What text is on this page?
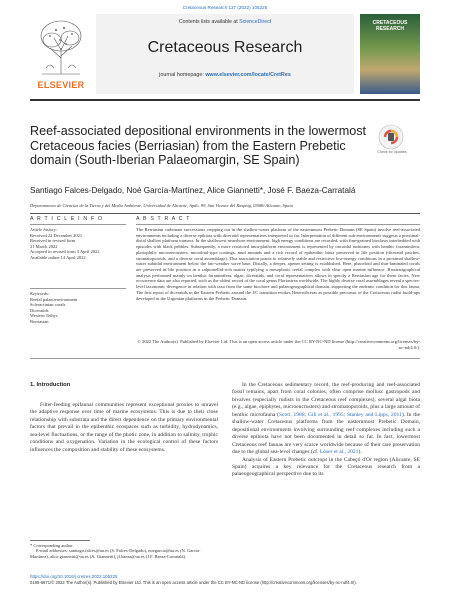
Cretaceous Research 137 (2022) 105225
ELSEVIER
Contents lists available at ScienceDirect
Cretaceous Research
journal homepage: www.elsevier.com/locate/CretRes
CRETACEOUS RESEARCH
Reef-associated depositional environments in the lowermost Cretaceous facies (Berriasian) from the Eastern Prebetic domain (South-Iberian Palaeomargin, SE Spain)
Check for updates
Santiago Falces-Delgado, Noé García-Martínez, Alice Giannetti*, José F. Baeza-Carratalá
Departamento de Ciencias de la Tierra y del Medio Ambiente, Universidad de Alicante, Apdo. 99, San Vicente del Raspeig, 03080 Alicante, Spain
A R T I C L E I N F O	A B S T R A C T
Article history:
Received 22 December 2021
Received in revised form
21 March 2022
Accepted in revised form 3 April 2022
Available online 14 April 2022
Keywords:
Reefal palaeoenvironment
Scleractinian corals
Diceratids
Western Tethys
Berriasian
The Berriasian carbonate successions cropping out in the shallow-water platform of the easternmost Prebetic Domain (SE Spain) involve reef-associated environments including a diverse epibiota with diceratid representatives interpreted so far. Interpretation of different sub-environments suggests a proximal-distal shallow platform transect. In the shallowest nearshore environment, high energy conditions are recorded, with fine-grained bioclasts interbedded with episodes with black pebbles. Subsequently, a more restricted intra-platform environment is represented by oncoidal rudstones with benthic foraminifera, photophilic microencrusters, microbial-type coatings, mud mounds and a rich record of epibenthic biota preserved in life position (diceratid patches, stromatoporoids, and a diverse coral assemblage). This association points to relatively stable and restrictive low-energy conditions in a proximal shallow-water subtidal environment below the fair-weather wave base. Distally, a deeper, opener setting is established. Here, phaceloid and thin-laminated corals are preserved in life position in a calpionellid-rich matrix typifying a mesophotic reefal complex with clear open marine influence. Biostratigraphical analysis performed mainly on benthic foraminifera, algae, diceratids, and coral representatives allows to specify a Berriasian age for these facies. New occurrence data are also reported, such as the oldest record of the coral genus Floriastrea worldwide. The highly diverse coral assemblages reveal a species-level taxonomic divergence in relation with taxa from the same biochore and palaeogeographical domain, supporting the endemic condition for this fauna. The first report of diceratids in the Eastern Prebetic around the J/C transition evokes Heterodiceras as possible precursor of the Cretaceous rudist build-ups developed in the Urgonian platforms in the Prebetic Domain.
© 2022 The Author(s). Published by Elsevier Ltd. This is an open access article under the CC BY-NC-ND license (http://creativecommons.org/licenses/by-nc-nd/4.0/).
1. Introduction

Filter-feeding epifaunal communities represent exceptional proxies to unravel the adaptive response over time of marine ecosystems. This is due to their close relationship with substrata and the direct dependence on the primary environmental factors that prevail in the epibenthic ecospaces such as turbidity, hydrodynamics, sea-level fluctuations, or the range of the photic zone, in addition to salinity, trophic conditions and oxygenation. Variation in the ecological control of these factors influences the composition and stability of these ecosystems.

In the Cretaceous sedimentary record, the reef-producing and reef-associated fossil remains, apart from coral colonies, often comprise mollusc gastropods and bivalves (especially rudists in the Cretaceous reef complexes), several algal biota (e.g., algae, epiphytes, microencrusters) and stromatoporoids, plus a large amount of benthic microfauna (Scott, 1988; Gili et al., 1995; Stanley and Lipps, 2011). In the shallow-water Cretaceous platforms from the easternmost Prebetic Domain, depositional environments involving surrounding reef complexes including such a diverse epibiota have not been documented in detail so far. In fact, lowermost Cretaceous reef faunas are very scarce worldwide because of their rare preservation due to the global sea-level changes (cf. Löser et al., 2021).

Analysis of Eastern Prebetic outcrops in the Cabeçó d'Or region (Alicante, SE Spain) acquires a key relevance for the Cretaceous research from a palaeogeographical perspective due to its

* Corresponding author.
E-mail addresses: santiago.falces@ua.es (S. Falces-Delgado), noegarcia@ua.es (N. García-Martínez), alice.giannetti@ua.es (A. Giannetti), jf.baeza@ua.es (J.F. Baeza-Carratalá).
https://doi.org/10.1016/j.cretres.2022.105225
0195-6671/© 2022 The Author(s). Published by Elsevier Ltd. This is an open access article under the CC BY-NC-ND license (http://creativecommons.org/licenses/by-nc-nd/4.0/).
